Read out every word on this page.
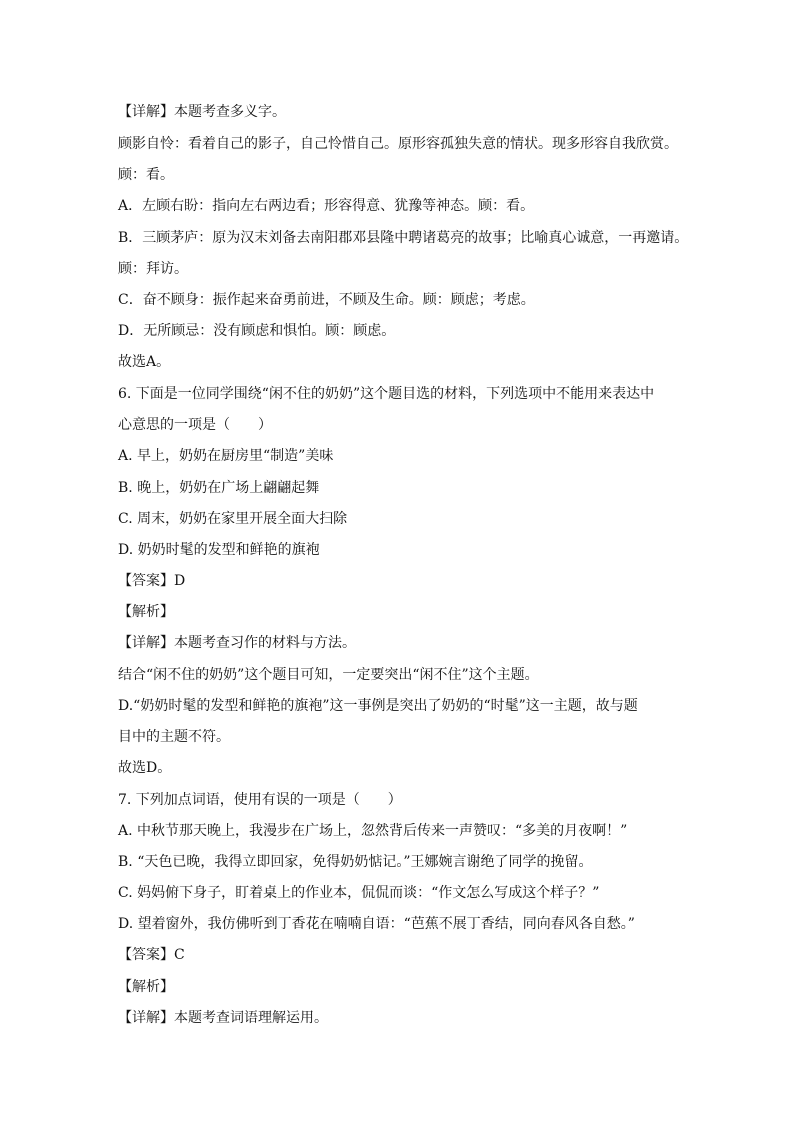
【详解】本题考查多义字。
顾影自怜：看着自己的影子，自己怜惜自己。原形容孤独失意的情状。现多形容自我欣赏。
顾：看。
A．左顾右盼：指向左右两边看；形容得意、犹豫等神态。顾：看。
B．三顾茅庐：原为汉末刘备去南阳郡邓县隆中聘诸葛亮的故事；比喻真心诚意，一再邀请。
顾：拜访。
C．奋不顾身：振作起来奋勇前进，不顾及生命。顾：顾虑；考虑。
D．无所顾忌：没有顾虑和惧怕。顾：顾虑。
故选A。
6. 下面是一位同学围绕“闲不住的奶奶”这个题目选的材料，下列选项中不能用来表达中
心意思的一项是（　　）
A. 早上，奶奶在厨房里“制造”美味
B. 晚上，奶奶在广场上翩翩起舞
C. 周末，奶奶在家里开展全面大扫除
D. 奶奶时髦的发型和鲜艳的旗袍
【答案】D
【解析】
【详解】本题考查习作的材料与方法。
结合“闲不住的奶奶”这个题目可知，一定要突出“闲不住”这个主题。
D.“奶奶时髦的发型和鲜艳的旗袍”这一事例是突出了奶奶的“时髦”这一主题，故与题
目中的主题不符。
故选D。
7. 下列加点词语，使用有误的一项是（　　）
A. 中秋节那天晚上，我漫步在广场上，忽然背后传来一声赞叹：“多美的月夜啊！”
B. “天色已晚，我得立即回家，免得奶奶惦记。”王娜婉言谢绝了同学的挽留。
C. 妈妈俯下身子，盯着桌上的作业本，侃侃而谈：“作文怎么写成这个样子？”
D. 望着窗外，我仿佛听到丁香花在喃喃自语：“芭蕉不展丁香结，同向春风各自愁。”
【答案】C
【解析】
【详解】本题考查词语理解运用。
